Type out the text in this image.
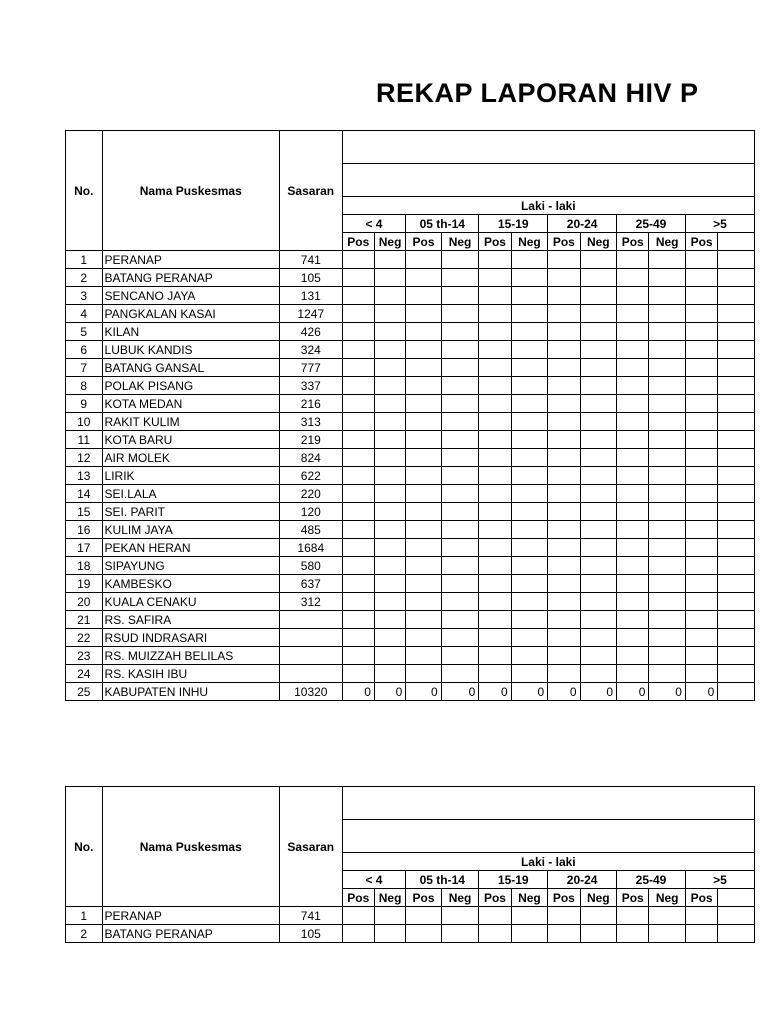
REKAP LAPORAN HIV P
No.	Nama Puskesmas	Sasaran												

			Laki - laki											
			< 4		05 th-14		15-19		20-24		25-49		>5	
			Pos	Neg	Pos	Neg	Pos	Neg	Pos	Neg	Pos	Neg	Pos	
1	PERANAP	741												
2	BATANG PERANAP	105												
3	SENCANO JAYA	131												
4	PANGKALAN KASAI	1247												
5	KILAN	426												
6	LUBUK KANDIS	324												
7	BATANG GANSAL	777												
8	POLAK PISANG	337												
9	KOTA MEDAN	216												
10	RAKIT KULIM	313												
11	KOTA BARU	219												
12	AIR MOLEK	824												
13	LIRIK	622												
14	SEI.LALA	220												
15	SEI. PARIT	120												
16	KULIM JAYA	485												
17	PEKAN HERAN	1684												
18	SIPAYUNG	580												
19	KAMBESKO	637												
20	KUALA CENAKU	312												
21	RS. SAFIRA													
22	RSUD INDRASARI													
23	RS. MUIZZAH BELILAS													
24	RS. KASIH IBU													
25	KABUPATEN INHU	10320	0	0	0	0	0	0	0	0	0	0	0	
No.	Nama Puskesmas	Sasaran												

			Laki - laki											
			< 4		05 th-14		15-19		20-24		25-49		>5	
			Pos	Neg	Pos	Neg	Pos	Neg	Pos	Neg	Pos	Neg	Pos	
1	PERANAP	741												
2	BATANG PERANAP	105												
